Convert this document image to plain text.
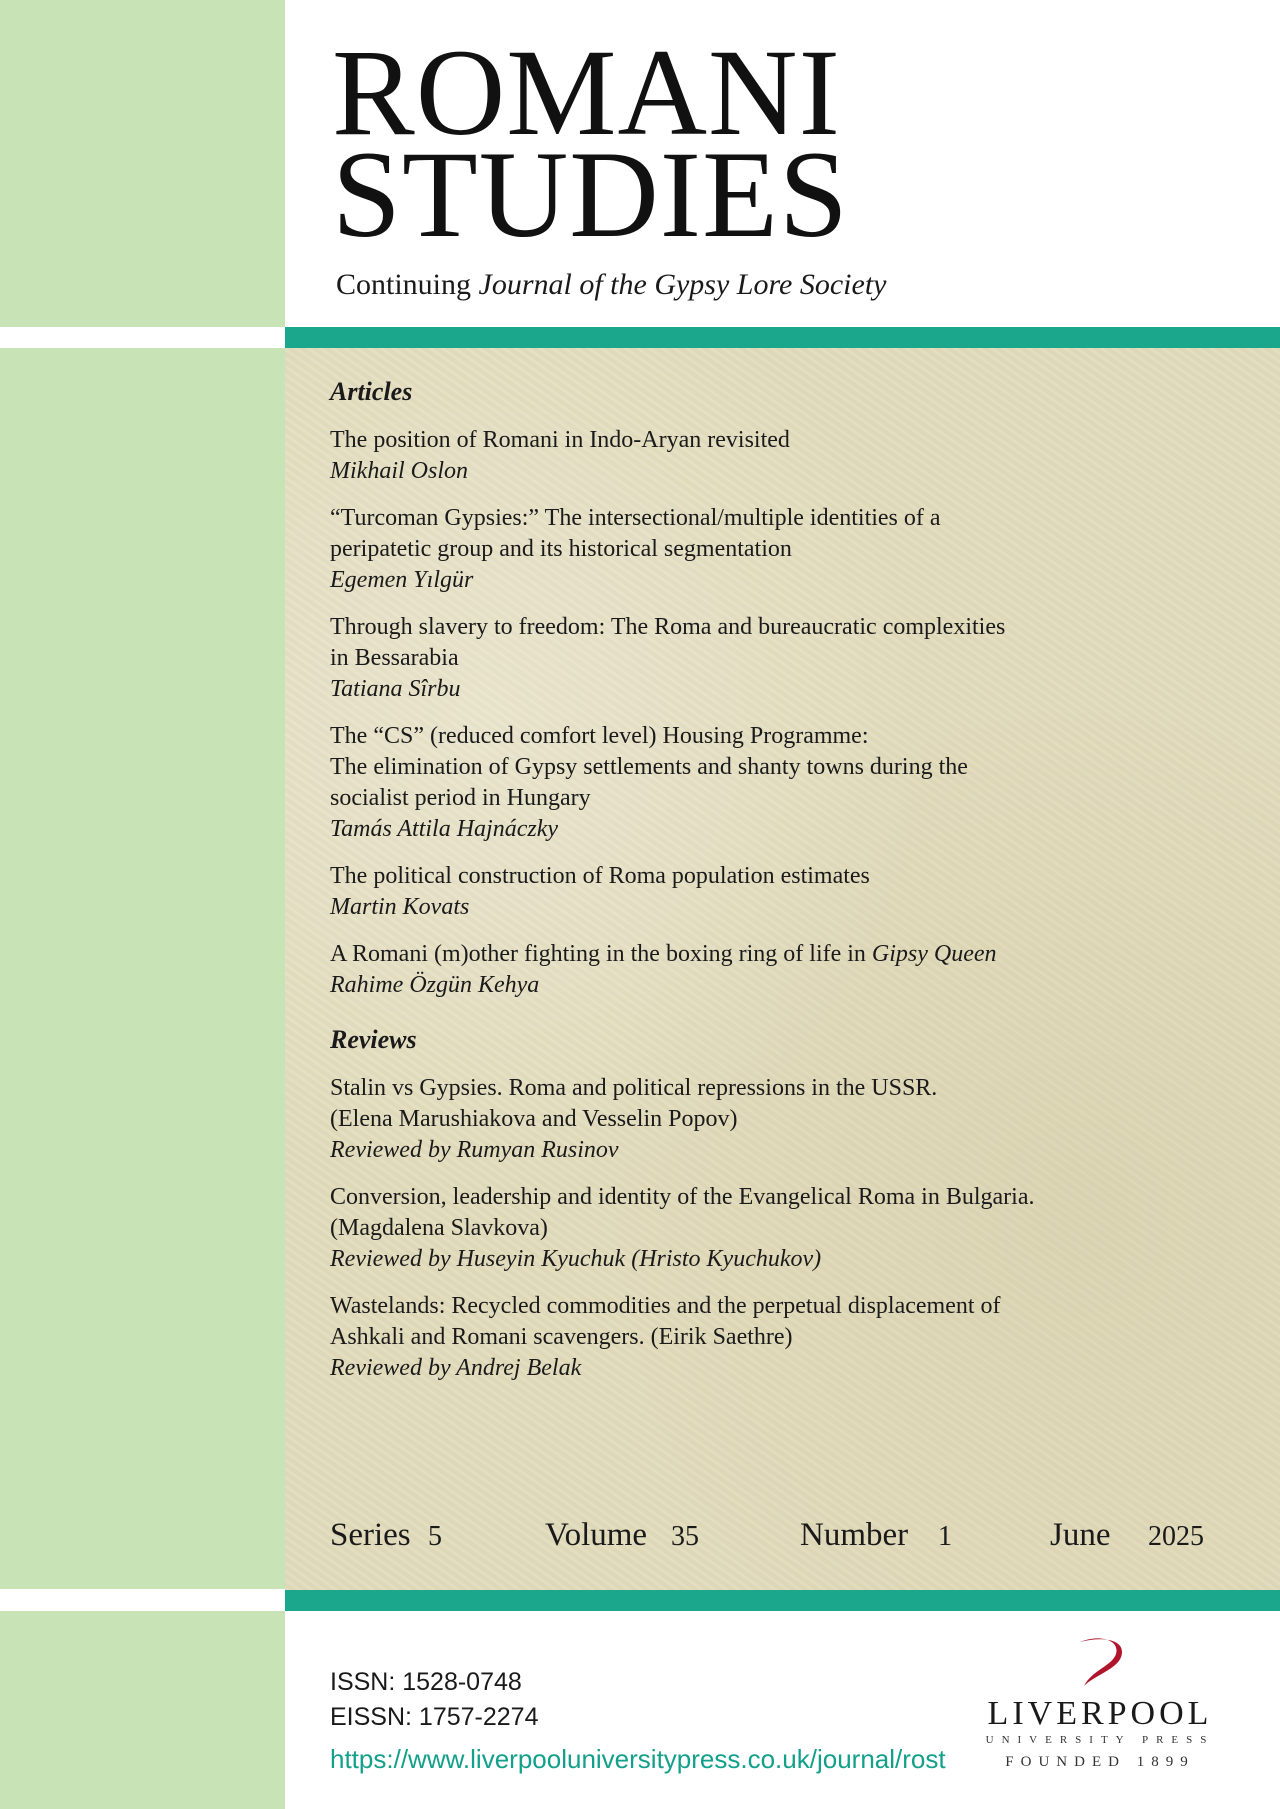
ROMANI
STUDIES
Continuing Journal of the Gypsy Lore Society
Articles
The position of Romani in Indo-Aryan revisited
Mikhail Oslon
“Turcoman Gypsies:” The intersectional/multiple identities of a
peripatetic group and its historical segmentation
Egemen Yılgür
Through slavery to freedom: The Roma and bureaucratic complexities
in Bessarabia
Tatiana Sîrbu
The “CS” (reduced comfort level) Housing Programme:
The elimination of Gypsy settlements and shanty towns during the
socialist period in Hungary
Tamás Attila Hajnáczky
The political construction of Roma population estimates
Martin Kovats
A Romani (m)other fighting in the boxing ring of life in Gipsy Queen
Rahime Özgün Kehya
Reviews
Stalin vs Gypsies. Roma and political repressions in the USSR.
(Elena Marushiakova and Vesselin Popov)
Reviewed by Rumyan Rusinov
Conversion, leadership and identity of the Evangelical Roma in Bulgaria.
(Magdalena Slavkova)
Reviewed by Huseyin Kyuchuk (Hristo Kyuchukov)
Wastelands: Recycled commodities and the perpetual displacement of
Ashkali and Romani scavengers. (Eirik Saethre)
Reviewed by Andrej Belak
Series 5	Volume 35	Number 1	June 2025
ISSN: 1528-0748
EISSN: 1757-2274
https://www.liverpooluniversitypress.co.uk/journal/rost
LIVERPOOL
UNIVERSITY PRESS
FOUNDED 1899
